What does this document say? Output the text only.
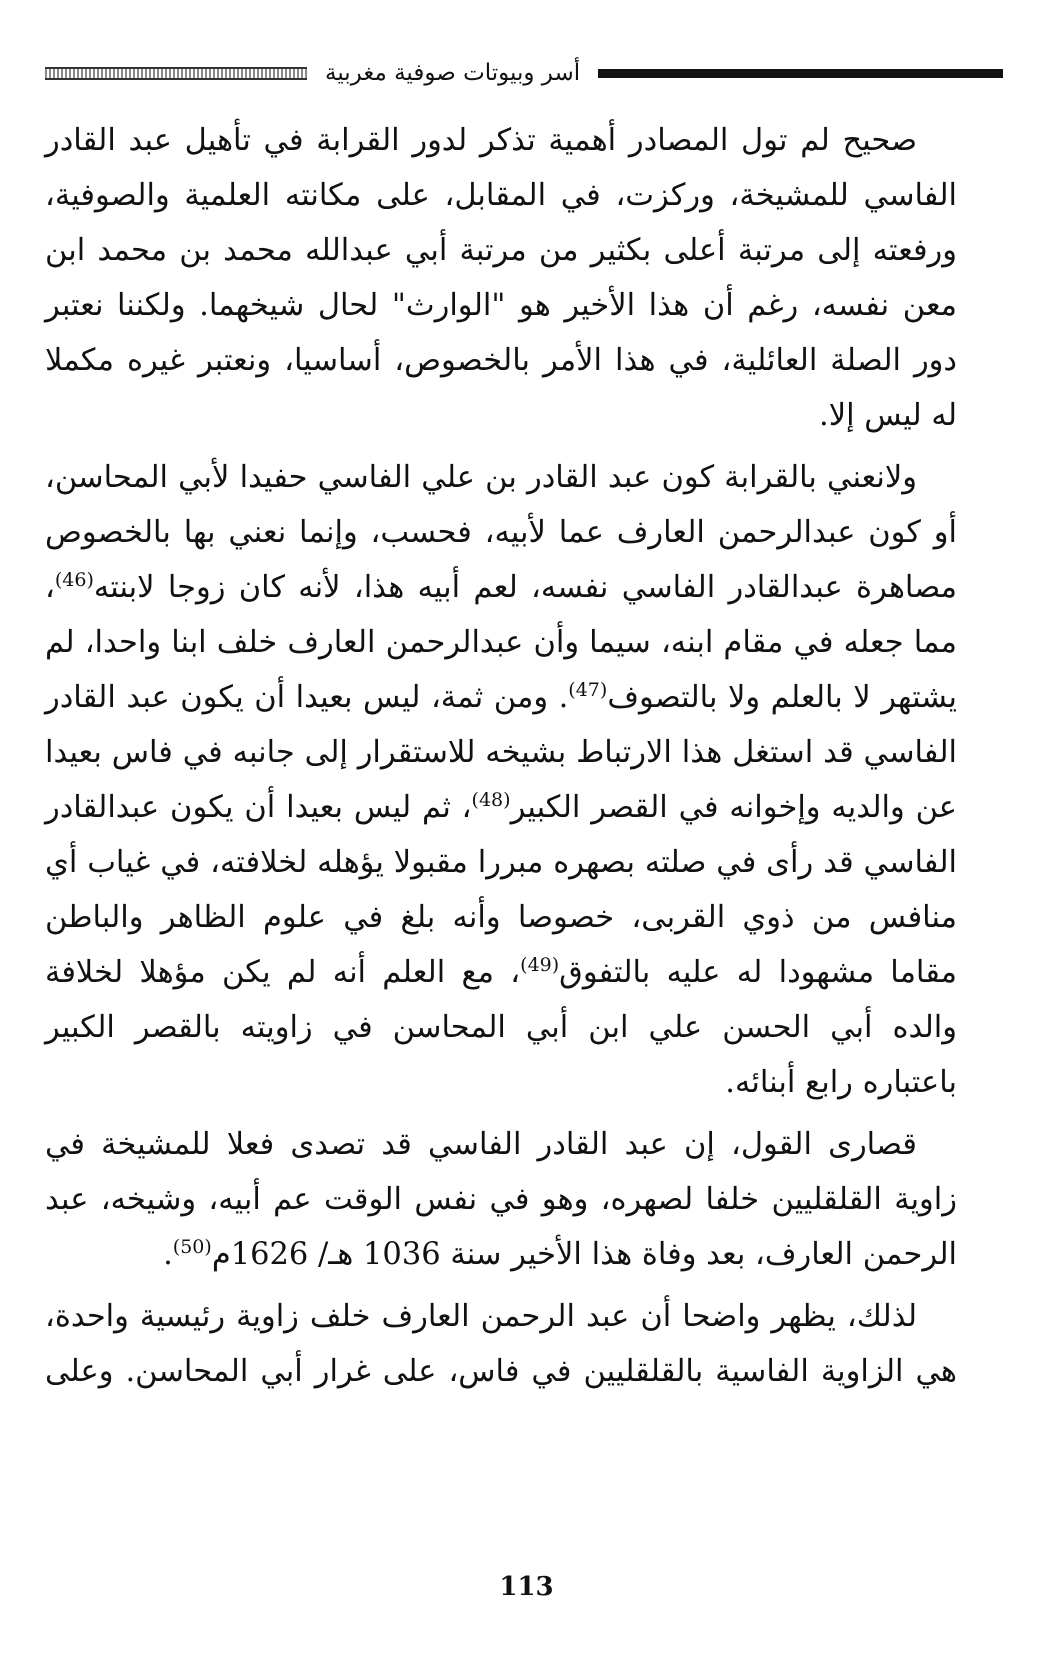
أسر وبيوتات صوفية مغربية

صحيح لم تول المصادر أهمية تذكر لدور القرابة في تأهيل عبد القادر الفاسي للمشيخة، وركزت، في المقابل، على مكانته العلمية والصوفية، ورفعته إلى مرتبة أعلى بكثير من مرتبة أبي عبدالله محمد بن محمد ابن معن نفسه، رغم أن هذا الأخير هو "الوارث" لحال شيخهما. ولكننا نعتبر دور الصلة العائلية، في هذا الأمر بالخصوص، أساسيا، ونعتبر غيره مكملا له ليس إلا.

ولانعني بالقرابة كون عبد القادر بن علي الفاسي حفيدا لأبي المحاسن، أو كون عبدالرحمن العارف عما لأبيه، فحسب، وإنما نعني بها بالخصوص مصاهرة عبدالقادر الفاسي نفسه، لعم أبيه هذا، لأنه كان زوجا لابنته$^{(46)}$، مما جعله في مقام ابنه، سيما وأن عبدالرحمن العارف خلف ابنا واحدا، لم يشتهر لا بالعلم ولا بالتصوف$^{(47)}$. ومن ثمة، ليس بعيدا أن يكون عبد القادر الفاسي قد استغل هذا الارتباط بشيخه للاستقرار إلى جانبه في فاس بعيدا عن والديه وإخوانه في القصر الكبير$^{(48)}$، ثم ليس بعيدا أن يكون عبدالقادر الفاسي قد رأى في صلته بصهره مبررا مقبولا يؤهله لخلافته، في غياب أي منافس من ذوي القربى، خصوصا وأنه بلغ في علوم الظاهر والباطن مقاما مشهودا له عليه بالتفوق$^{(49)}$، مع العلم أنه لم يكن مؤهلا لخلافة والده أبي الحسن علي ابن أبي المحاسن في زاويته بالقصر الكبير باعتباره رابع أبنائه.

قصارى القول، إن عبد القادر الفاسي قد تصدى فعلا للمشيخة في زاوية القلقليين خلفا لصهره، وهو في نفس الوقت عم أبيه، وشيخه، عبد الرحمن العارف، بعد وفاة هذا الأخير سنة 1036 هـ/ 1626م$^{(50)}$.

لذلك، يظهر واضحا أن عبد الرحمن العارف خلف زاوية رئيسية واحدة، هي الزاوية الفاسية بالقلقليين في فاس، على غرار أبي المحاسن. وعلى

113
